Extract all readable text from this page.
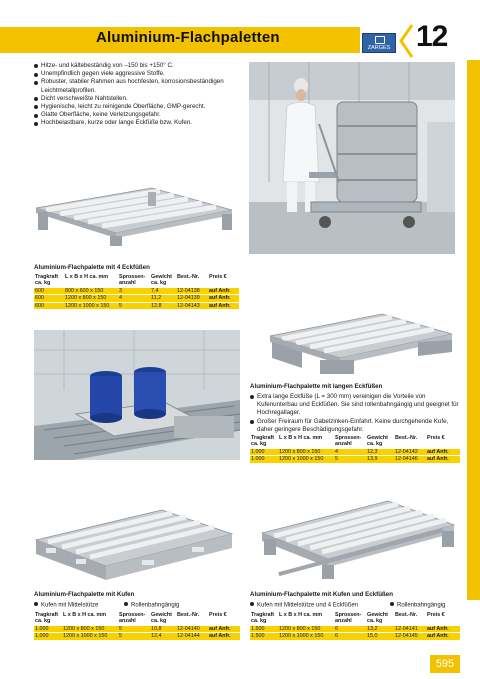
Aluminium-Flachpaletten
ZARGES 12
Hitze- und kältebeständig von –150 bis +150° C.
Unempfindlich gegen viele aggressive Stoffe.
Robuster, stabiler Rahmen aus hochfesten, korrosionsbeständigen Leichtmetallprofilen.
Dicht verschweißte Nahtstellen.
Hygienische, leicht zu reinigende Oberfläche, GMP-gerecht.
Glatte Oberfläche, keine Verletzungsgefahr.
Hochbelastbare, kurze oder lange Eckfüße bzw. Kufen.
Aluminium-Flachpalette mit 4 Eckfüßen
Tragkraft ca. kg	L x B x H ca. mm	Sprossen-anzahl	Gewicht ca. kg	Best.-Nr.	Preis €
600	800 x 600 x 150	3	7,4	12-04138	auf Anfr.
600	1200 x 800 x 150	4	11,2	12-04139	auf Anfr.
600	1200 x 1000 x 150	5	12,8	12-04143	auf Anfr.
Aluminium-Flachpalette mit langen Eckfüßen
Extra lange Eckfüße (L = 300 mm) vereinigen die Vorteile von Kufenunterbau und Eckfüßen. Sie sind rollenbahngängig und geeignet für Hochregallager.
Großer Freiraum für Gabelzinken-Einfahrt. Keine durchgehende Kufe, daher geringere Beschädigungsgefahr.
Tragkraft ca. kg	L x B x H ca. mm	Sprossen-anzahl	Gewicht ca. kg	Best.-Nr.	Preis €
1.000	1200 x 800 x 150	4	12,3	12-04142	auf Anfr.
1.000	1200 x 1000 x 150	5	13,9	12-04146	auf Anfr.
Aluminium-Flachpalette mit Kufen
Kufen mit Mittelstütze	Rollenbahngängig
Tragkraft ca. kg	L x B x H ca. mm	Sprossen-anzahl	Gewicht ca. kg	Best.-Nr.	Preis €
1.000	1200 x 800 x 150	5	10,8	12-04140	auf Anfr.
1.000	1200 x 1000 x 150	5	12,4	12-04144	auf Anfr.
Aluminium-Flachpalette mit Kufen und Eckfüßen
Kufen mit Mittelstütze und 4 Eckfüßen	Rollenbahngängig
Tragkraft ca. kg	L x B x H ca. mm	Sprossen-anzahl	Gewicht ca. kg	Best.-Nr.	Preis €
1.500	1200 x 800 x 150	6	13,2	12-04141	auf Anfr.
1.500	1200 x 1000 x 150	6	15,0	12-04145	auf Anfr.
595
